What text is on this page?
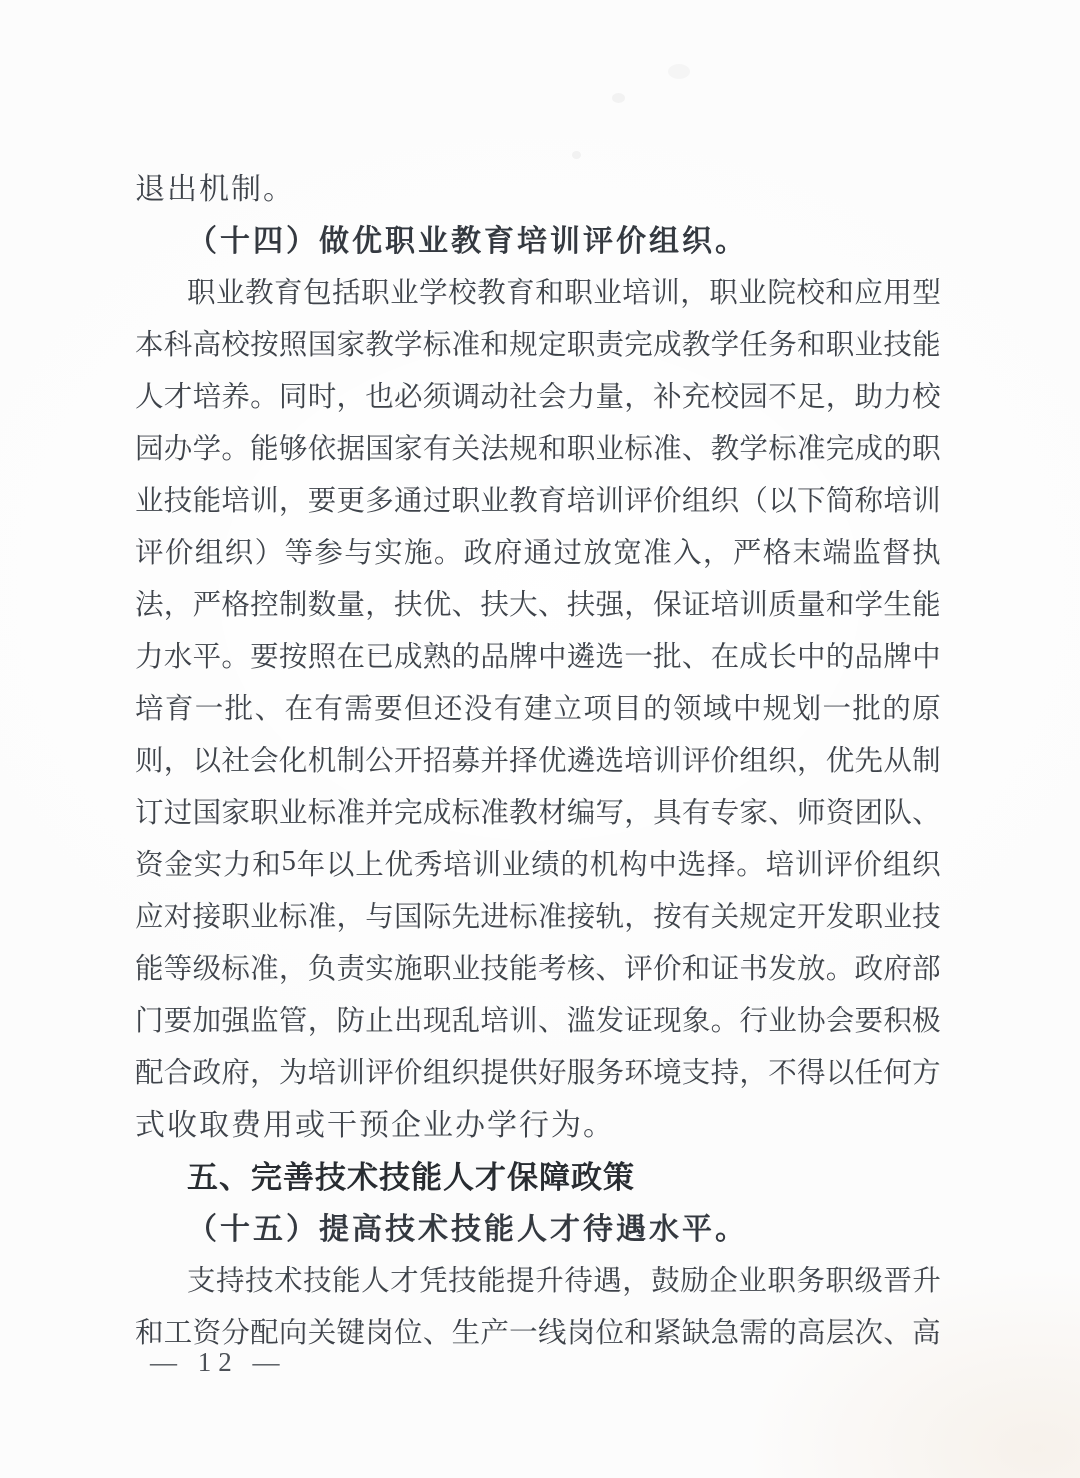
退出机制。
（十四）做优职业教育培训评价组织。
职 业 教 育 包 括 职 业 学 校 教 育 和 职 业 培 训 ， 职 业 院 校 和 应 用 型
本 科 高 校 按 照 国 家 教 学 标 准 和 规 定 职 责 完 成 教 学 任 务 和 职 业 技 能
人 才 培 养 。 同 时 ， 也 必 须 调 动 社 会 力 量 ， 补 充 校 园 不 足 ， 助 力 校
园 办 学 。 能 够 依 据 国 家 有 关 法 规 和 职 业 标 准 、 教 学 标 准 完 成 的 职
业 技 能 培 训 ， 要 更 多 通 过 职 业 教 育 培 训 评 价 组 织 （ 以 下 简 称 培 训
评 价 组 织 ） 等 参 与 实 施 。 政 府 通 过 放 宽 准 入 ， 严 格 末 端 监 督 执
法 ， 严 格 控 制 数 量 ， 扶 优 、 扶 大 、 扶 强 ， 保 证 培 训 质 量 和 学 生 能
力 水 平 。 要 按 照 在 已 成 熟 的 品 牌 中 遴 选 一 批 、 在 成 长 中 的 品 牌 中
培 育 一 批 、 在 有 需 要 但 还 没 有 建 立 项 目 的 领 域 中 规 划 一 批 的 原
则 ， 以 社 会 化 机 制 公 开 招 募 并 择 优 遴 选 培 训 评 价 组 织 ， 优 先 从 制
订 过 国 家 职 业 标 准 并 完 成 标 准 教 材 编 写 ， 具 有 专 家 、 师 资 团 队 、
资 金 实 力 和 5 年 以 上 优 秀 培 训 业 绩 的 机 构 中 选 择 。 培 训 评 价 组 织
应 对 接 职 业 标 准 ， 与 国 际 先 进 标 准 接 轨 ， 按 有 关 规 定 开 发 职 业 技
能 等 级 标 准 ， 负 责 实 施 职 业 技 能 考 核 、 评 价 和 证 书 发 放 。 政 府 部
门 要 加 强 监 管 ， 防 止 出 现 乱 培 训 、 滥 发 证 现 象 。 行 业 协 会 要 积 极
配 合 政 府 ， 为 培 训 评 价 组 织 提 供 好 服 务 环 境 支 持 ， 不 得 以 任 何 方
式收取费用或干预企业办学行为。
五、完善技术技能人才保障政策
（十五）提高技术技能人才待遇水平。
支 持 技 术 技 能 人 才 凭 技 能 提 升 待 遇 ， 鼓 励 企 业 职 务 职 级 晋 升
和 工 资 分 配 向 关 键 岗 位 、 生 产 一 线 岗 位 和 紧 缺 急 需 的 高 层 次 、 高
— 12 —
